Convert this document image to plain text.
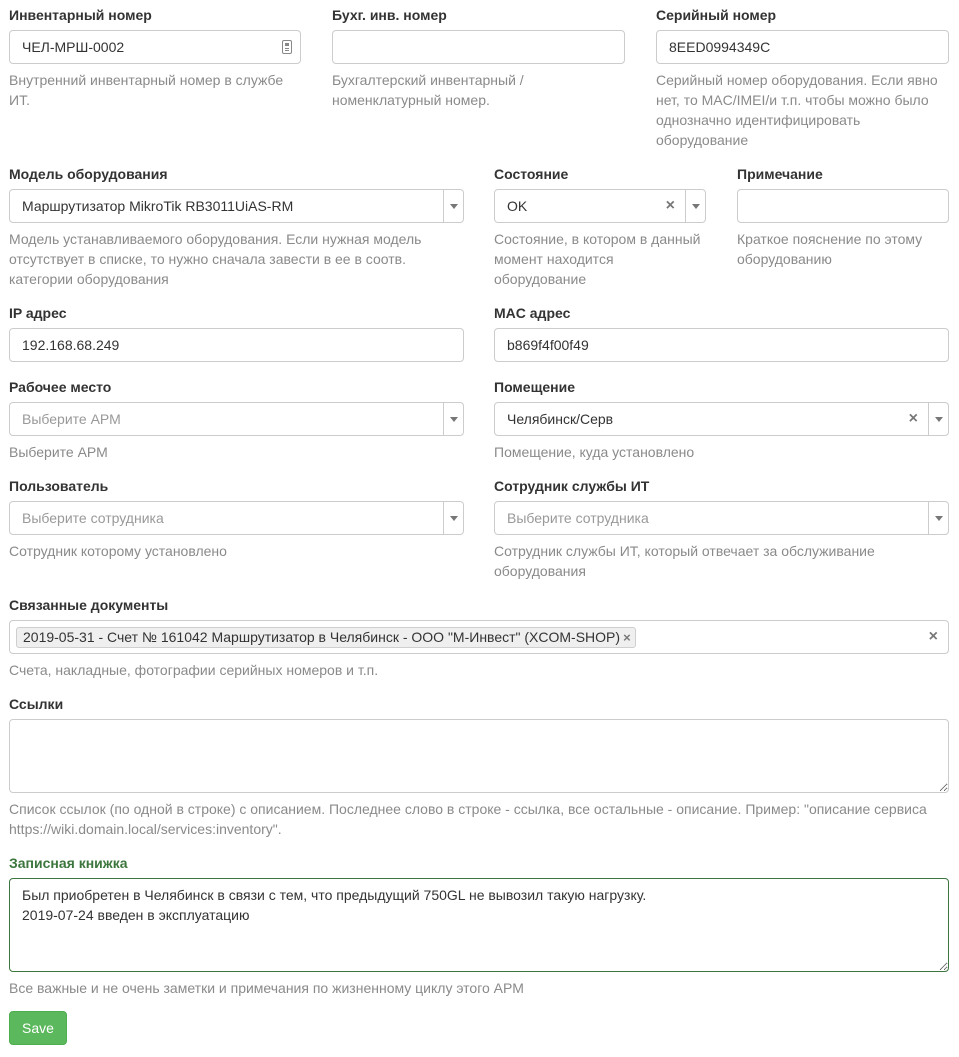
Инвентарный номер
ЧЕЛ-МРШ-0002
Внутренний инвентарный номер в службе ИТ.
Бухг. инв. номер
Бухгалтерский инвентарный / номенклатурный номер.
Серийный номер
8EED0994349C
Серийный номер оборудования. Если явно нет, то MAC/IMEI/и т.п. чтобы можно было однозначно идентифицировать оборудование
Модель оборудования
Маршрутизатор MikroTik RB3011UiAS-RM
Модель устанавливаемого оборудования. Если нужная модель отсутствует в списке, то нужно сначала завести в ее в соотв. категории оборудования
Состояние
OK	×
Состояние, в котором в данный момент находится оборудование
Примечание
Краткое пояснение по этому оборудованию
IP адрес
192.168.68.249
MAC адрес
b869f4f00f49
Рабочее место
Выберите АРМ
Выберите АРМ
Помещение
Челябинск/Серв	×
Помещение, куда установлено
Пользователь
Выберите сотрудника
Сотрудник которому установлено
Сотрудник службы ИТ
Выберите сотрудника
Сотрудник службы ИТ, который отвечает за обслуживание оборудования
Связанные документы
2019-05-31 - Счет № 161042 Маршрутизатор в Челябинск - ООО "М-Инвест" (XCOM-SHOP) ×	×
Счета, накладные, фотографии серийных номеров и т.п.
Ссылки
Список ссылок (по одной в строке) с описанием. Последнее слово в строке - ссылка, все остальные - описание. Пример: "описание сервиса https://wiki.domain.local/services:inventory".
Записная книжка
Был приобретен в Челябинск в связи с тем, что предыдущий 750GL не вывозил такую нагрузку. 2019-07-24 введен в эксплуатацию
Все важные и не очень заметки и примечания по жизненному циклу этого АРМ
Save
